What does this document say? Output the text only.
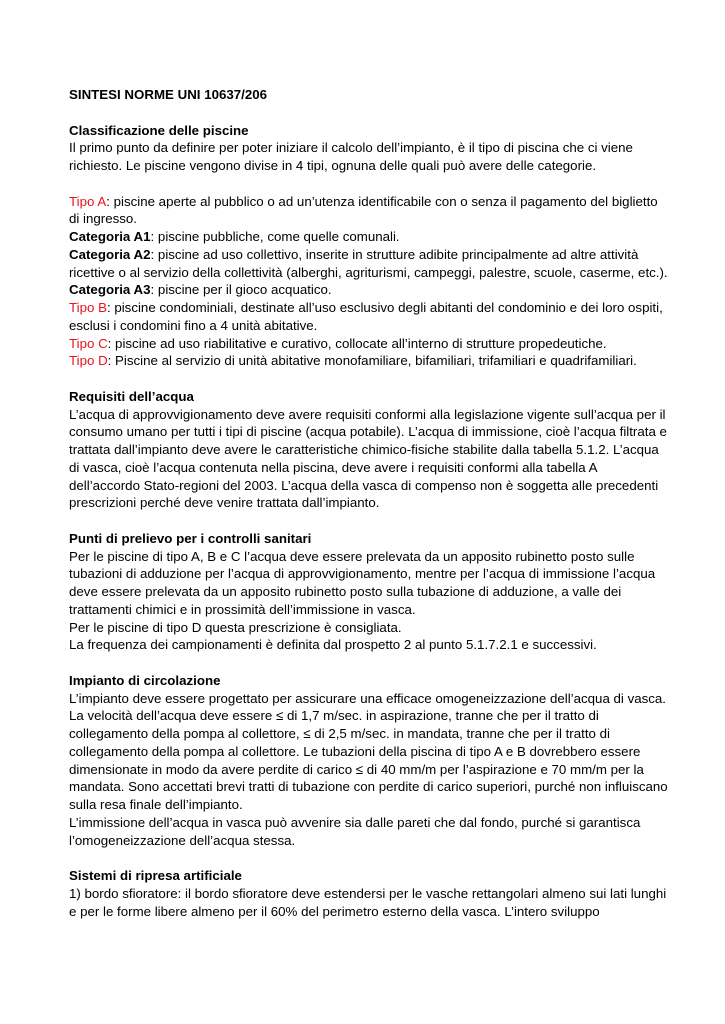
SINTESI NORME UNI 10637/206

Classificazione delle piscine

Il primo punto da definire per poter iniziare il calcolo dell’impianto, è il tipo di piscina che ci viene richiesto. Le piscine vengono divise in 4 tipi, ognuna delle quali può avere delle categorie.

Tipo A: piscine aperte al pubblico o ad un’utenza identificabile con o senza il pagamento del biglietto di ingresso.

Categoria A1: piscine pubbliche, come quelle comunali.

Categoria A2: piscine ad uso collettivo, inserite in strutture adibite principalmente ad altre attività ricettive o al servizio della collettività (alberghi, agriturismi, campeggi, palestre, scuole, caserme, etc.).

Categoria A3: piscine per il gioco acquatico.

Tipo B: piscine condominiali, destinate all’uso esclusivo degli abitanti del condominio e dei loro ospiti, esclusi i condomini fino a 4 unità abitative.

Tipo C: piscine ad uso riabilitative e curativo, collocate all’interno di strutture propedeutiche.

Tipo D: Piscine al servizio di unità abitative monofamiliare, bifamiliari, trifamiliari e quadrifamiliari.

Requisiti dell’acqua

L’acqua di approvvigionamento deve avere requisiti conformi alla legislazione vigente sull’acqua per il consumo umano per tutti i tipi di piscine (acqua potabile). L’acqua di immissione, cioè l’acqua filtrata e trattata dall’impianto deve avere le caratteristiche chimico-fisiche stabilite dalla tabella 5.1.2. L’acqua di vasca, cioè l’acqua contenuta nella piscina, deve avere i requisiti conformi alla tabella A dell’accordo Stato-regioni del 2003. L’acqua della vasca di compenso non è soggetta alle precedenti prescrizioni perché deve venire trattata dall’impianto.

Punti di prelievo per i controlli sanitari

Per le piscine di tipo A, B e C l’acqua deve essere prelevata da un apposito rubinetto posto sulle tubazioni di adduzione per l’acqua di approvvigionamento, mentre per l’acqua di immissione l’acqua deve essere prelevata da un apposito rubinetto posto sulla tubazione di adduzione, a valle dei trattamenti chimici e in prossimità dell’immissione in vasca.

Per le piscine di tipo D questa prescrizione è consigliata.

La frequenza dei campionamenti è definita dal prospetto 2 al punto 5.1.7.2.1 e successivi.

Impianto di circolazione

L’impianto deve essere progettato per assicurare una efficace omogeneizzazione dell’acqua di vasca.

La velocità dell’acqua deve essere ≤ di 1,7 m/sec. in aspirazione, tranne che per il tratto di collegamento della pompa al collettore, ≤ di 2,5 m/sec. in mandata, tranne che per il tratto di collegamento della pompa al collettore. Le tubazioni della piscina di tipo A e B dovrebbero essere dimensionate in modo da avere perdite di carico ≤ di 40 mm/m per l’aspirazione e 70 mm/m per la mandata. Sono accettati brevi tratti di tubazione con perdite di carico superiori, purché non influiscano sulla resa finale dell’impianto.

L’immissione dell’acqua in vasca può avvenire sia dalle pareti che dal fondo, purché si garantisca l’omogeneizzazione dell’acqua stessa.

Sistemi di ripresa artificiale

1) bordo sfioratore: il bordo sfioratore deve estendersi per le vasche rettangolari almeno sui lati lunghi e per le forme libere almeno per il 60% del perimetro esterno della vasca. L’intero sviluppo
